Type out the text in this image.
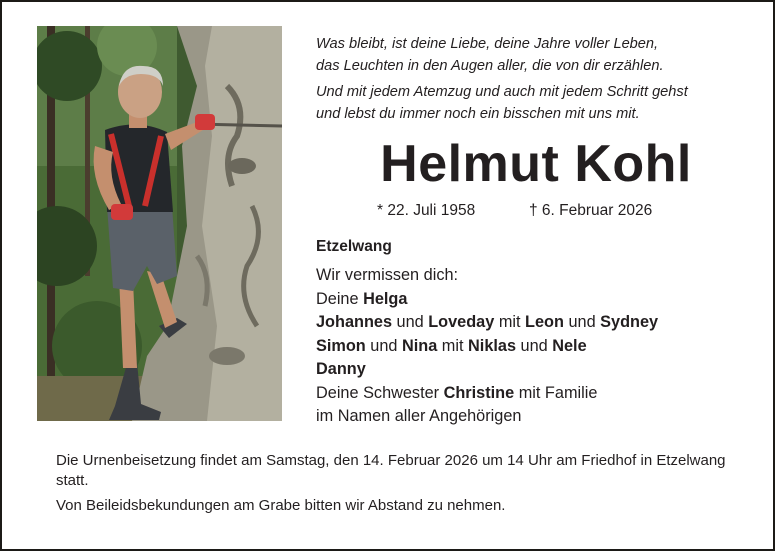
Was bleibt, ist deine Liebe, deine Jahre voller Leben,
das Leuchten in den Augen aller, die von dir erzählen.
Und mit jedem Atemzug und auch mit jedem Schritt gehst
und lebst du immer noch ein bisschen mit uns mit.
Helmut Kohl
* 22. Juli 1958	† 6. Februar 2026
Etzelwang
Wir vermissen dich:
Deine Helga
Johannes und Loveday mit Leon und Sydney
Simon und Nina mit Niklas und Nele
Danny
Deine Schwester Christine mit Familie
im Namen aller Angehörigen
Die Urnenbeisetzung findet am Samstag, den 14. Februar 2026 um 14 Uhr am Friedhof in Etzelwang statt.
Von Beileidsbekundungen am Grabe bitten wir Abstand zu nehmen.
